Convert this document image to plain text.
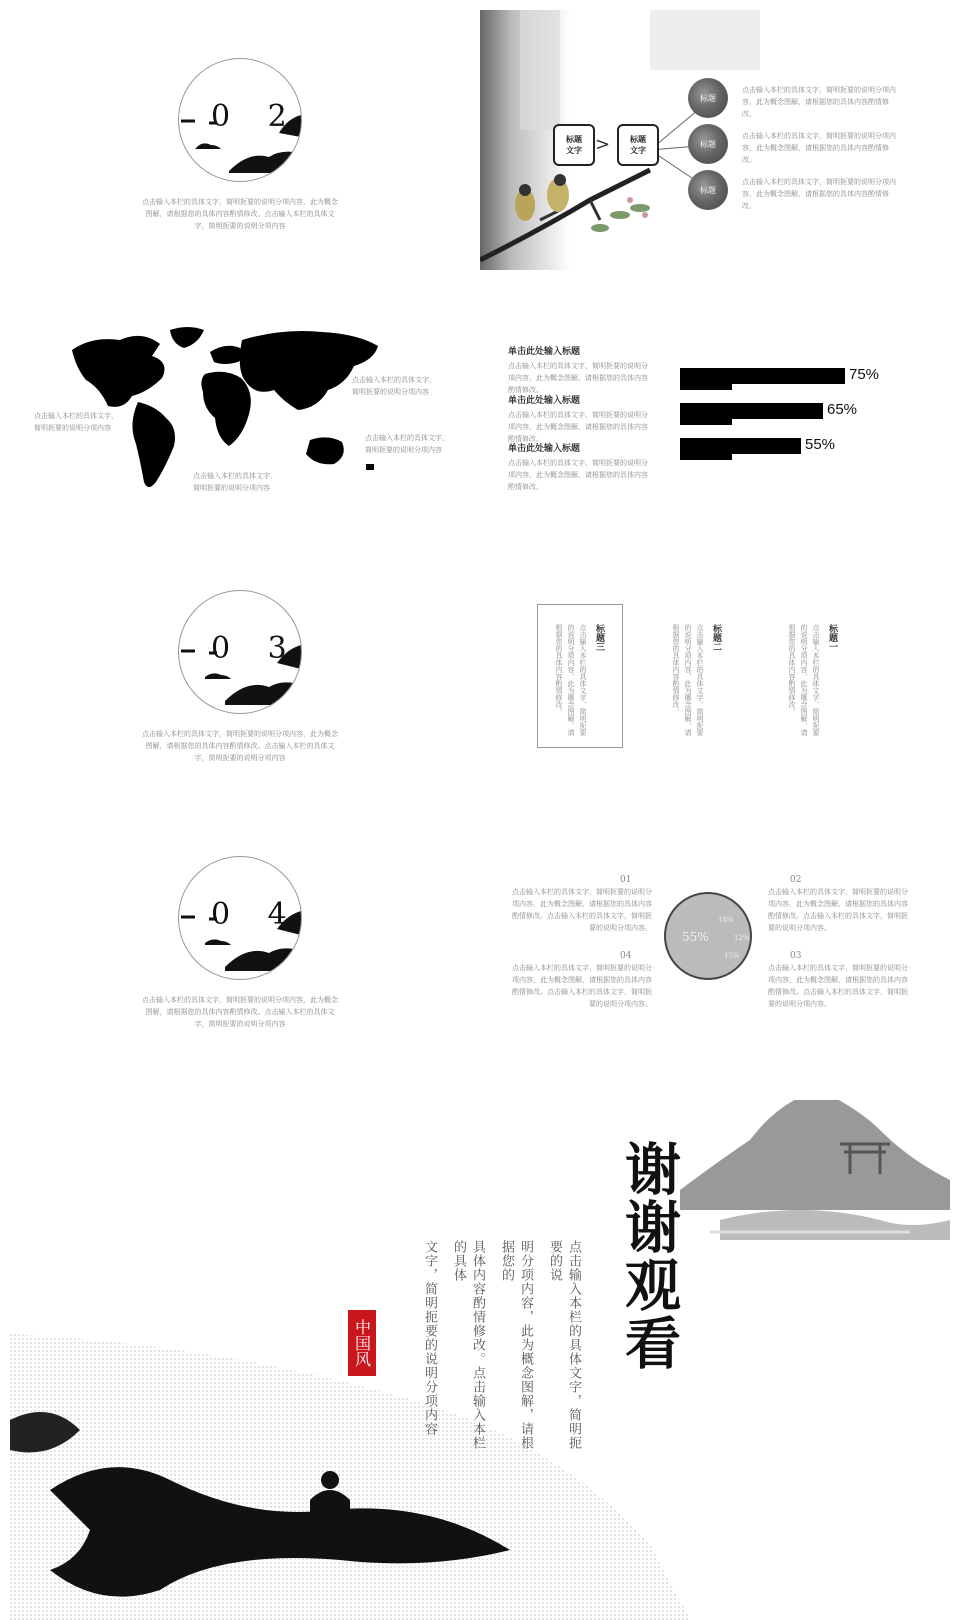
0 2
点击输入本栏的具体文字，简明扼要的说明分项内容，此为概念图解，请根据您的具体内容酌情修改。点击输入本栏的具体文字，简明扼要的说明分项内容
标题
文字 > 标题
文字
标题
标题
标题
点击输入本栏的具体文字，简明扼要的说明分项内容，此为概念图解，请根据您的具体内容酌情修改。
点击输入本栏的具体文字，简明扼要的说明分项内容，此为概念图解，请根据您的具体内容酌情修改。
点击输入本栏的具体文字，简明扼要的说明分项内容，此为概念图解，请根据您的具体内容酌情修改。
点击输入本栏的具体文字，简明扼要的说明分项内容
点击输入本栏的具体文字，简明扼要的说明分项内容
点击输入本栏的具体文字，简明扼要的说明分项内容
点击输入本栏的具体文字，简明扼要的说明分项内容
单击此处输入标题
点击输入本栏的具体文字，简明扼要的说明分项内容，此为概念图解，请根据您的具体内容酌情修改。
单击此处输入标题
点击输入本栏的具体文字，简明扼要的说明分项内容，此为概念图解，请根据您的具体内容酌情修改。
单击此处输入标题
点击输入本栏的具体文字，简明扼要的说明分项内容，此为概念图解，请根据您的具体内容酌情修改。
75%
65%
55%
0 3
点击输入本栏的具体文字，简明扼要的说明分项内容，此为概念图解，请根据您的具体内容酌情修改。点击输入本栏的具体文字，简明扼要的说明分项内容
标题三
点击输入本栏的具体文字，简明扼要的说明分项内容，此为概念图解，请根据您的具体内容酌情修改。	标题二
点击输入本栏的具体文字，简明扼要的说明分项内容，此为概念图解，请根据您的具体内容酌情修改。	标题一
点击输入本栏的具体文字，简明扼要的说明分项内容，此为概念图解，请根据您的具体内容酌情修改。
0 4
点击输入本栏的具体文字，简明扼要的说明分项内容，此为概念图解，请根据您的具体内容酌情修改。点击输入本栏的具体文字，简明扼要的说明分项内容
01
点击输入本栏的具体文字，简明扼要的说明分项内容，此为概念图解，请根据您的具体内容酌情修改。点击输入本栏的具体文字，简明扼要的说明分项内容。
04
点击输入本栏的具体文字，简明扼要的说明分项内容，此为概念图解，请根据您的具体内容酌情修改。点击输入本栏的具体文字，简明扼要的说明分项内容。
02
点击输入本栏的具体文字，简明扼要的说明分项内容，此为概念图解，请根据您的具体内容酌情修改。点击输入本栏的具体文字，简明扼要的说明分项内容。
03
点击输入本栏的具体文字，简明扼要的说明分项内容，此为概念图解，请根据您的具体内容酌情修改。点击输入本栏的具体文字，简明扼要的说明分项内容。
55%
18%
12%
15%
谢谢观看
中国风	点击输入本栏的具体文字，简明扼要的说
明分项内容，此为概念图解，请根据您的
具体内容酌情修改。点击输入本栏的具体
文字，简明扼要的说明分项内容
